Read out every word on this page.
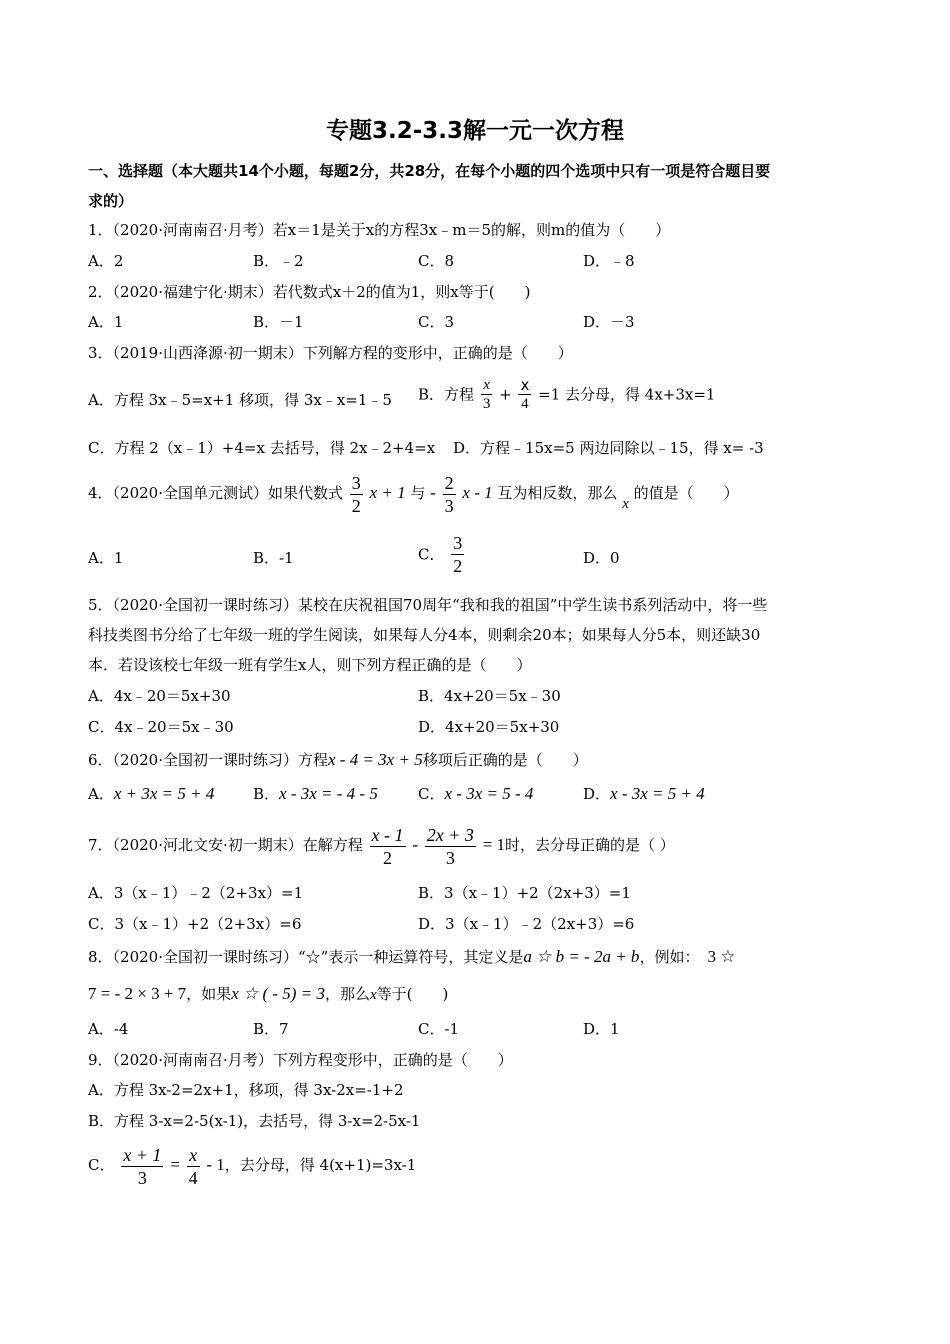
专题3.2-3.3解一元一次方程
一、选择题（本大题共14个小题，每题2分，共28分，在每个小题的四个选项中只有一项是符合题目要
求的）
1．（2020·河南南召·月考）若x＝1是关于x的方程3x﹣m＝5的解，则m的值为（　　）
A．2	B．﹣2	C．8	D．﹣8
2．（2020·福建宁化·期末）若代数式x＋2的值为1，则x等于(　　)
A．1	B．－1	C．3	D．－3
3．（2019·山西洚源·初一期末）下列解方程的变形中，正确的是（　　）
A．方程 3x﹣5=x+1 移项，得 3x﹣x=1﹣5 B．方程 $\frac{x}{3} + \frac{x}{4} =1$ 去分母，得 4x+3x=1
C．方程 2（x﹣1）+4=x 去括号，得 2x﹣2+4=x D．方程﹣15x=5 两边同除以﹣15，得 x= -3
4．（2020·全国单元测试）如果代数式 $\frac{3}{2}$ x + 1 与 - $\frac{2}{3}$ x - 1 互为相反数，那么 x 的值是（　　）
A．1	B．-1	C． $\frac{3}{2}$	D．0
5．（2020·全国初一课时练习）某校在庆祝祖国70周年“我和我的祖国”中学生读书系列活动中，将一些
科技类图书分给了七年级一班的学生阅读，如果每人分4本，则剩余20本；如果每人分5本，则还缺30
本．若设该校七年级一班有学生x人，则下列方程正确的是（　　）
A．4x﹣20＝5x+30	B．4x+20＝5x﹣30
C．4x﹣20＝5x﹣30	D．4x+20＝5x+30
6．（2020·全国初一课时练习）方程x - 4 = 3x + 5移项后正确的是（　　）
A．x + 3x = 5 + 4	B．x - 3x = - 4 - 5	C．x - 3x = 5 - 4	D．x - 3x = 5 + 4
7．（2020·河北文安·初一期末）在解方程 $\frac{x - 1}{2} - \frac{2x + 3}{3} = 1$时，去分母正确的是（ ）
A．3（x﹣1）﹣2（2+3x）=1	B．3（x﹣1）+2（2x+3）=1
C．3（x﹣1）+2（2+3x）=6	D．3（x﹣1）﹣2（2x+3）=6
8．（2020·全国初一课时练习）“☆”表示一种运算符号，其定义是a ☆ b = - 2a + b，例如： 3 ☆
7 = - 2 × 3 + 7，如果x ☆ ( - 5) = 3，那么x等于(　　)
A．-4	B．7	C．-1	D．1
9．（2020·河南南召·月考）下列方程变形中，正确的是（　　）
A．方程 3x-2=2x+1，移项，得 3x-2x=-1+2
B．方程 3-x=2-5(x-1)，去括号，得 3-x=2-5x-1
C． $\frac{x + 1}{3} = \frac{x}{4} - 1$，去分母，得 4(x+1)=3x-1
